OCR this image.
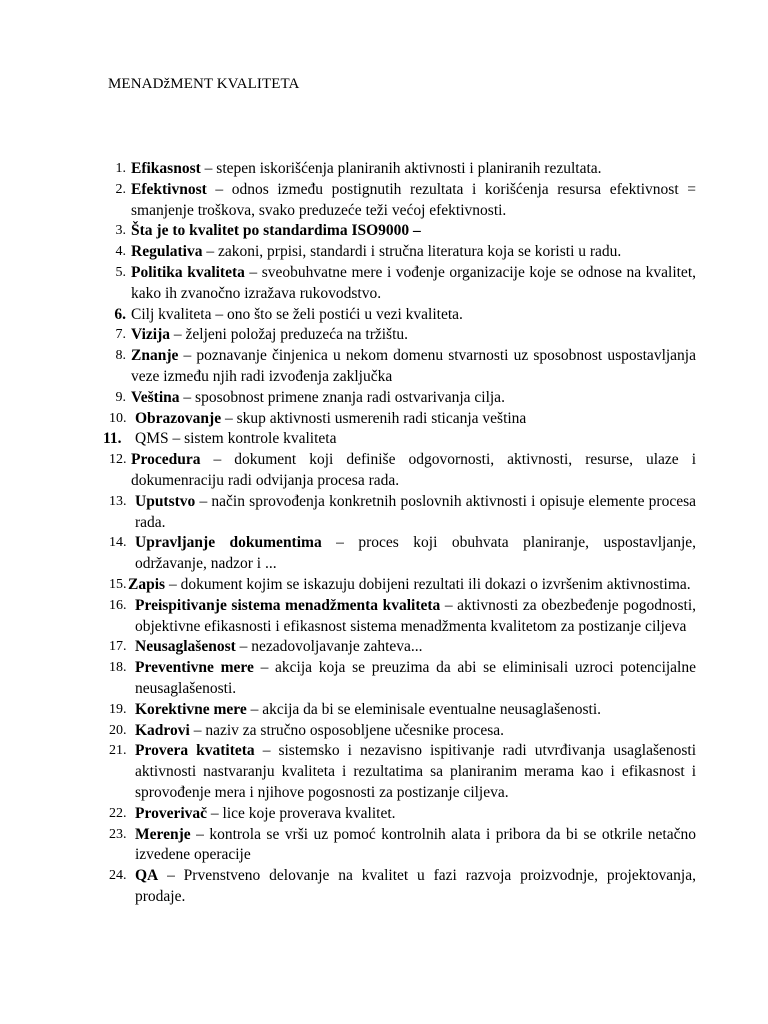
MENADžMENT KVALITETA
1. Efikasnost – stepen iskorišćenja planiranih aktivnosti i planiranih rezultata.
2. Efektivnost – odnos između postignutih rezultata i korišćenja resursa efektivnost = smanjenje troškova, svako preduzeće teži većoj efektivnosti.
3. Šta je to kvalitet po standardima ISO9000 –
4. Regulativa – zakoni, prpisi, standardi i stručna literatura koja se koristi u radu.
5. Politika kvaliteta – sveobuhvatne mere i vođenje organizacije koje se odnose na kvalitet, kako ih zvanočno izražava rukovodstvo.
6. Cilj kvaliteta – ono što se želi postići u vezi kvaliteta.
7. Vizija – željeni položaj preduzeća na tržištu.
8. Znanje – poznavanje činjenica u nekom domenu stvarnosti uz sposobnost uspostavljanja veze između njih radi izvođenja zaključka
9. Veština – sposobnost primene znanja radi ostvarivanja cilja.
10. Obrazovanje – skup aktivnosti usmerenih radi sticanja veština
11. QMS – sistem kontrole kvaliteta
12. Procedura – dokument koji definiše odgovornosti, aktivnosti, resurse, ulaze i dokumenraciju radi odvijanja procesa rada.
13. Uputstvo – način sprovođenja konkretnih poslovnih aktivnosti i opisuje elemente procesa rada.
14. Upravljanje dokumentima – proces koji obuhvata planiranje, uspostavljanje, održavanje, nadzor i ...
15. Zapis – dokument kojim se iskazuju dobijeni rezultati ili dokazi o izvršenim aktivnostima.
16. Preispitivanje sistema menadžmenta kvaliteta – aktivnosti za obezbeđenje pogodnosti, objektivne efikasnosti i efikasnost sistema menadžmenta kvalitetom za postizanje ciljeva
17. Neusaglašenost – nezadovoljavanje zahteva...
18. Preventivne mere – akcija koja se preuzima da abi se eliminisali uzroci potencijalne neusaglašenosti.
19. Korektivne mere – akcija da bi se eleminisale eventualne neusaglašenosti.
20. Kadrovi – naziv za stručno osposobljene učesnike procesa.
21. Provera kvatiteta – sistemsko i nezavisno ispitivanje radi utvrđivanja usaglašenosti aktivnosti nastvaranju kvaliteta i rezultatima sa planiranim merama kao i efikasnost i sprovođenje mera i njihove pogosnosti za postizanje ciljeva.
22. Proverivač – lice koje proverava kvalitet.
23. Merenje – kontrola se vrši uz pomoć kontrolnih alata i pribora da bi se otkrile netačno izvedene operacije
24. QA – Prvenstveno delovanje na kvalitet u fazi razvoja proizvodnje, projektovanja, prodaje.
